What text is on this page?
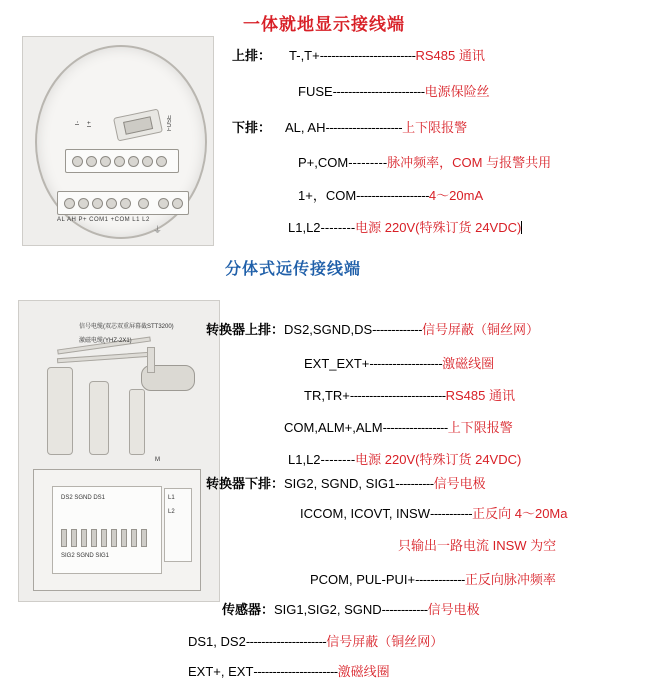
一体就地显示接线端
分体式远传接线端
T- T+	FUSE
AL AH P+ COM1 +COM L1 L2
⏚
上排： T-,T+-------------------------RS485 通讯
FUSE------------------------电源保险丝
下排： AL, AH--------------------上下限报警
P+,COM---------脉冲频率，COM 与报警共用
1+，COM-------------------4～20mA
L1,L2--------电源 220V(特殊订货 24VDC)
信号电缆(双芯双重屏幕截STT3200)
激磁电缆(YHZ-2X1)
M
DS2 SGND DS1
SIG2 SGND SIG1
L1
L2
转换器上排：DS2,SGND,DS-------------信号屏蔽（铜丝网）
EXT_EXT+-------------------激磁线圈
TR,TR+-------------------------RS485 通讯
COM,ALM+,ALM-----------------上下限报警
L1,L2--------电源 220V(特殊订货 24VDC)
转换器下排：SIG2, SGND, SIG1----------信号电极
ICCOM, ICOVT, INSW-----------正反向 4～20Ma
只输出一路电流 INSW 为空
PCOM, PUL-PUI+-------------正反向脉冲频率
传感器：SIG1,SIG2, SGND------------信号电极
DS1, DS2---------------------信号屏蔽（铜丝网）
EXT+, EXT----------------------激磁线圈
